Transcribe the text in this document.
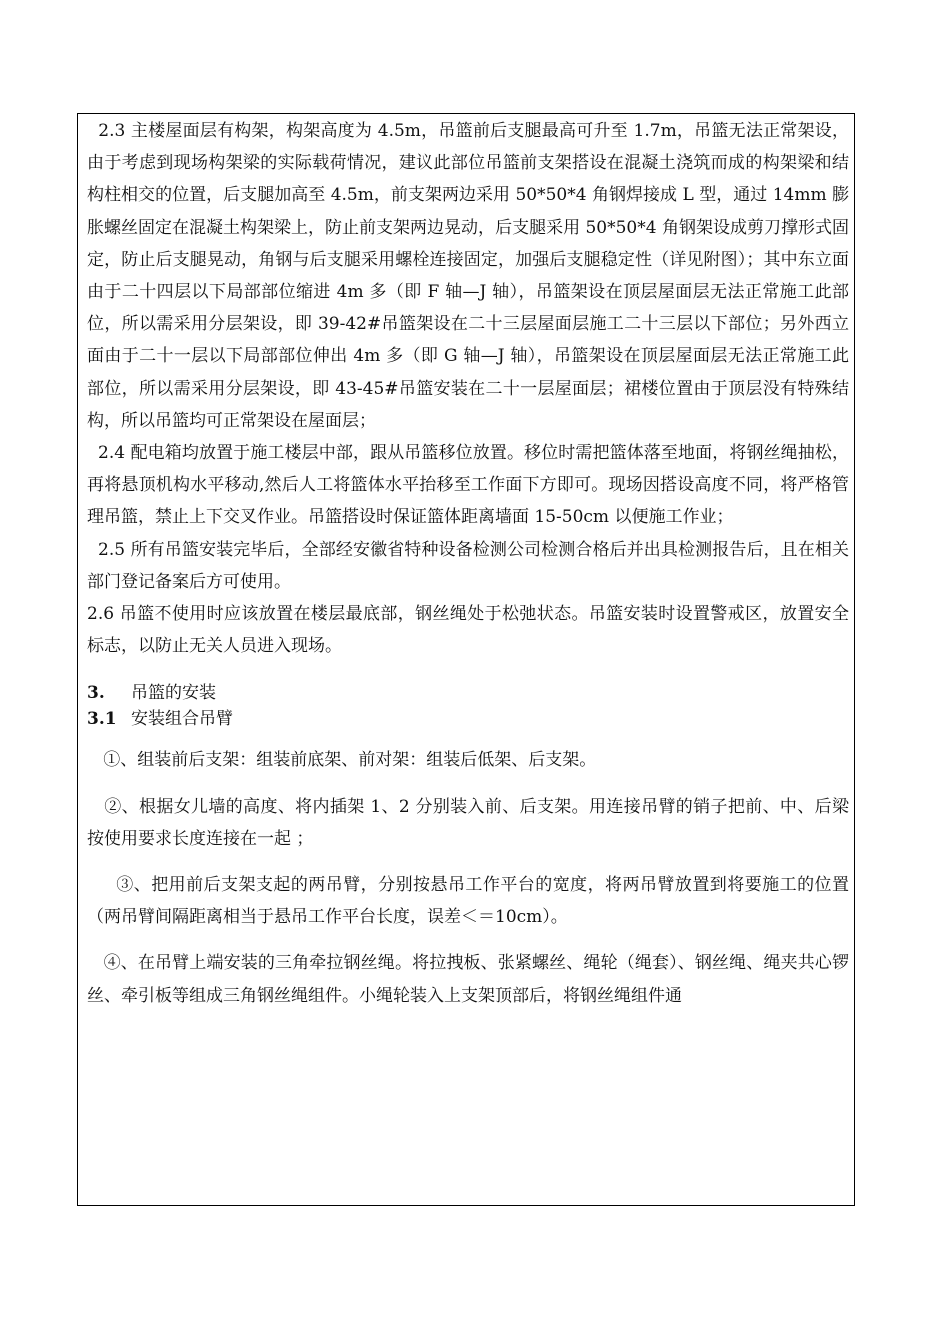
2.3 主楼屋面层有构架，构架高度为 4.5m，吊篮前后支腿最高可升至 1.7m，吊篮无法正常架设，由于考虑到现场构架梁的实际载荷情况，建议此部位吊篮前支架搭设在混凝土浇筑而成的构架梁和结构柱相交的位置，后支腿加高至 4.5m，前支架两边采用 50*50*4 角钢焊接成 L 型，通过 14mm 膨胀螺丝固定在混凝土构架梁上，防止前支架两边晃动，后支腿采用 50*50*4 角钢架设成剪刀撑形式固定，防止后支腿晃动，角钢与后支腿采用螺栓连接固定，加强后支腿稳定性（详见附图）；其中东立面由于二十四层以下局部部位缩进 4m 多（即 F 轴—J 轴），吊篮架设在顶层屋面层无法正常施工此部位，所以需采用分层架设，即 39-42#吊篮架设在二十三层屋面层施工二十三层以下部位；另外西立面由于二十一层以下局部部位伸出 4m 多（即 G 轴—J 轴），吊篮架设在顶层屋面层无法正常施工此部位，所以需采用分层架设，即 43-45#吊篮安装在二十一层屋面层；裙楼位置由于顶层没有特殊结构，所以吊篮均可正常架设在屋面层；

2.4 配电箱均放置于施工楼层中部，跟从吊篮移位放置。移位时需把篮体落至地面，将钢丝绳抽松，再将悬顶机构水平移动,然后人工将篮体水平抬移至工作面下方即可。现场因搭设高度不同，将严格管理吊篮，禁止上下交叉作业。吊篮搭设时保证篮体距离墙面 15-50cm 以便施工作业；

2.5 所有吊篮安装完毕后，全部经安徽省特种设备检测公司检测合格后并出具检测报告后，且在相关部门登记备案后方可使用。

2.6 吊篮不使用时应该放置在楼层最底部，钢丝绳处于松弛状态。吊篮安装时设置警戒区，放置安全标志，以防止无关人员进入现场。

3.	吊篮的安装
3.1 安装组合吊臂

①、组装前后支架：组装前底架、前对架：组装后低架、后支架。

②、根据女儿墙的高度、将内插架 1、2 分别装入前、后支架。用连接吊臂的销子把前、中、后梁按使用要求长度连接在一起 ；

③、把用前后支架支起的两吊臂，分别按悬吊工作平台的宽度，将两吊臂放置到将要施工的位置（两吊臂间隔距离相当于悬吊工作平台长度，误差＜＝10cm）。

④、在吊臂上端安装的三角牵拉钢丝绳。将拉拽板、张紧螺丝、绳轮（绳套）、钢丝绳、绳夹共心锣丝、牵引板等组成三角钢丝绳组件。小绳轮装入上支架顶部后，将钢丝绳组件通
